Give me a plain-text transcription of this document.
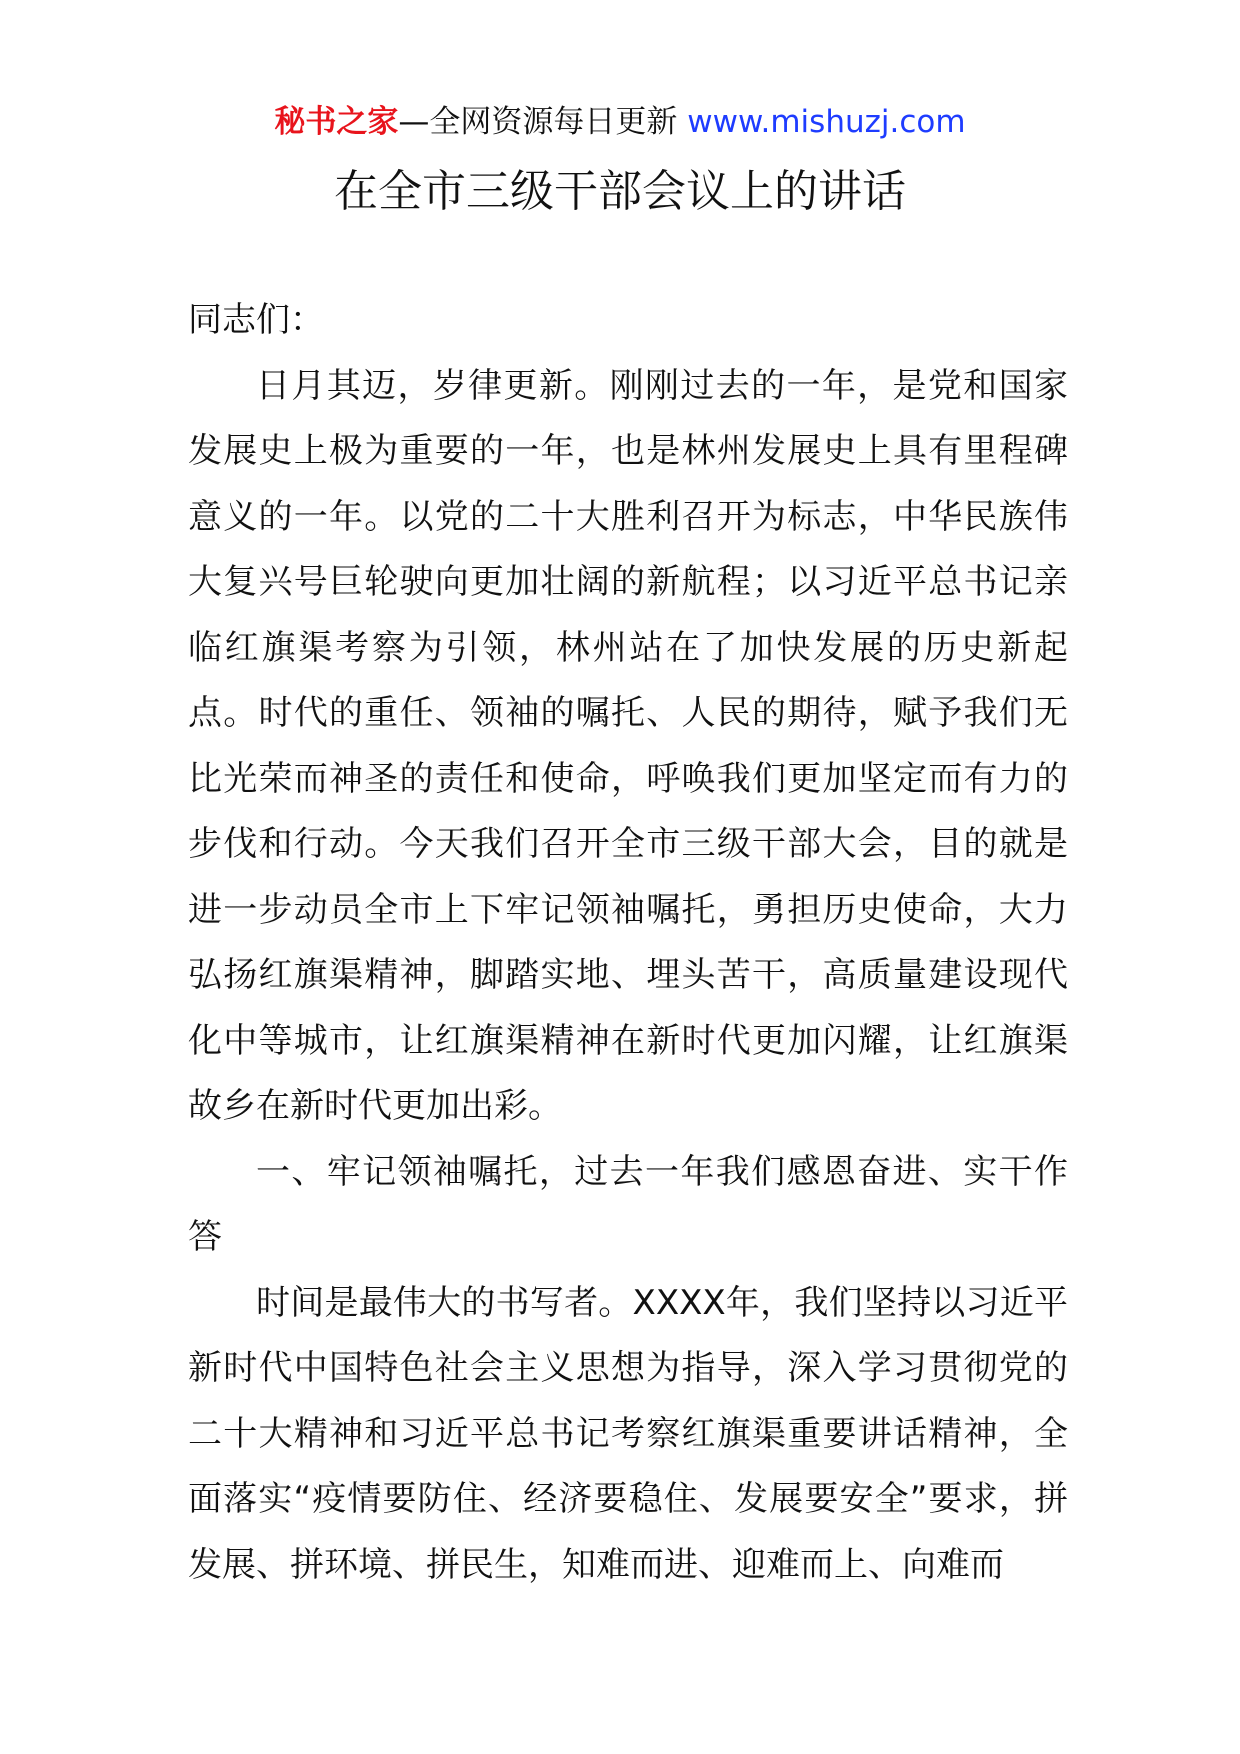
秘书之家—全网资源每日更新 www.mishuzj.com
在全市三级干部会议上的讲话

同志们：

日月其迈，岁律更新。刚刚过去的一年，是党和国家发展史上极为重要的一年，也是林州发展史上具有里程碑意义的一年。以党的二十大胜利召开为标志，中华民族伟大复兴号巨轮驶向更加壮阔的新航程；以习近平总书记亲临红旗渠考察为引领，林州站在了加快发展的历史新起点。时代的重任、领袖的嘱托、人民的期待，赋予我们无比光荣而神圣的责任和使命，呼唤我们更加坚定而有力的步伐和行动。今天我们召开全市三级干部大会，目的就是进一步动员全市上下牢记领袖嘱托，勇担历史使命，大力弘扬红旗渠精神，脚踏实地、埋头苦干，高质量建设现代化中等城市，让红旗渠精神在新时代更加闪耀，让红旗渠故乡在新时代更加出彩。

一、牢记领袖嘱托，过去一年我们感恩奋进、实干作答

时间是最伟大的书写者。XXXX年，我们坚持以习近平新时代中国特色社会主义思想为指导，深入学习贯彻党的二十大精神和习近平总书记考察红旗渠重要讲话精神，全面落实“疫情要防住、经济要稳住、发展要安全”要求，拼发展、拼环境、拼民生，知难而进、迎难而上、向难而
